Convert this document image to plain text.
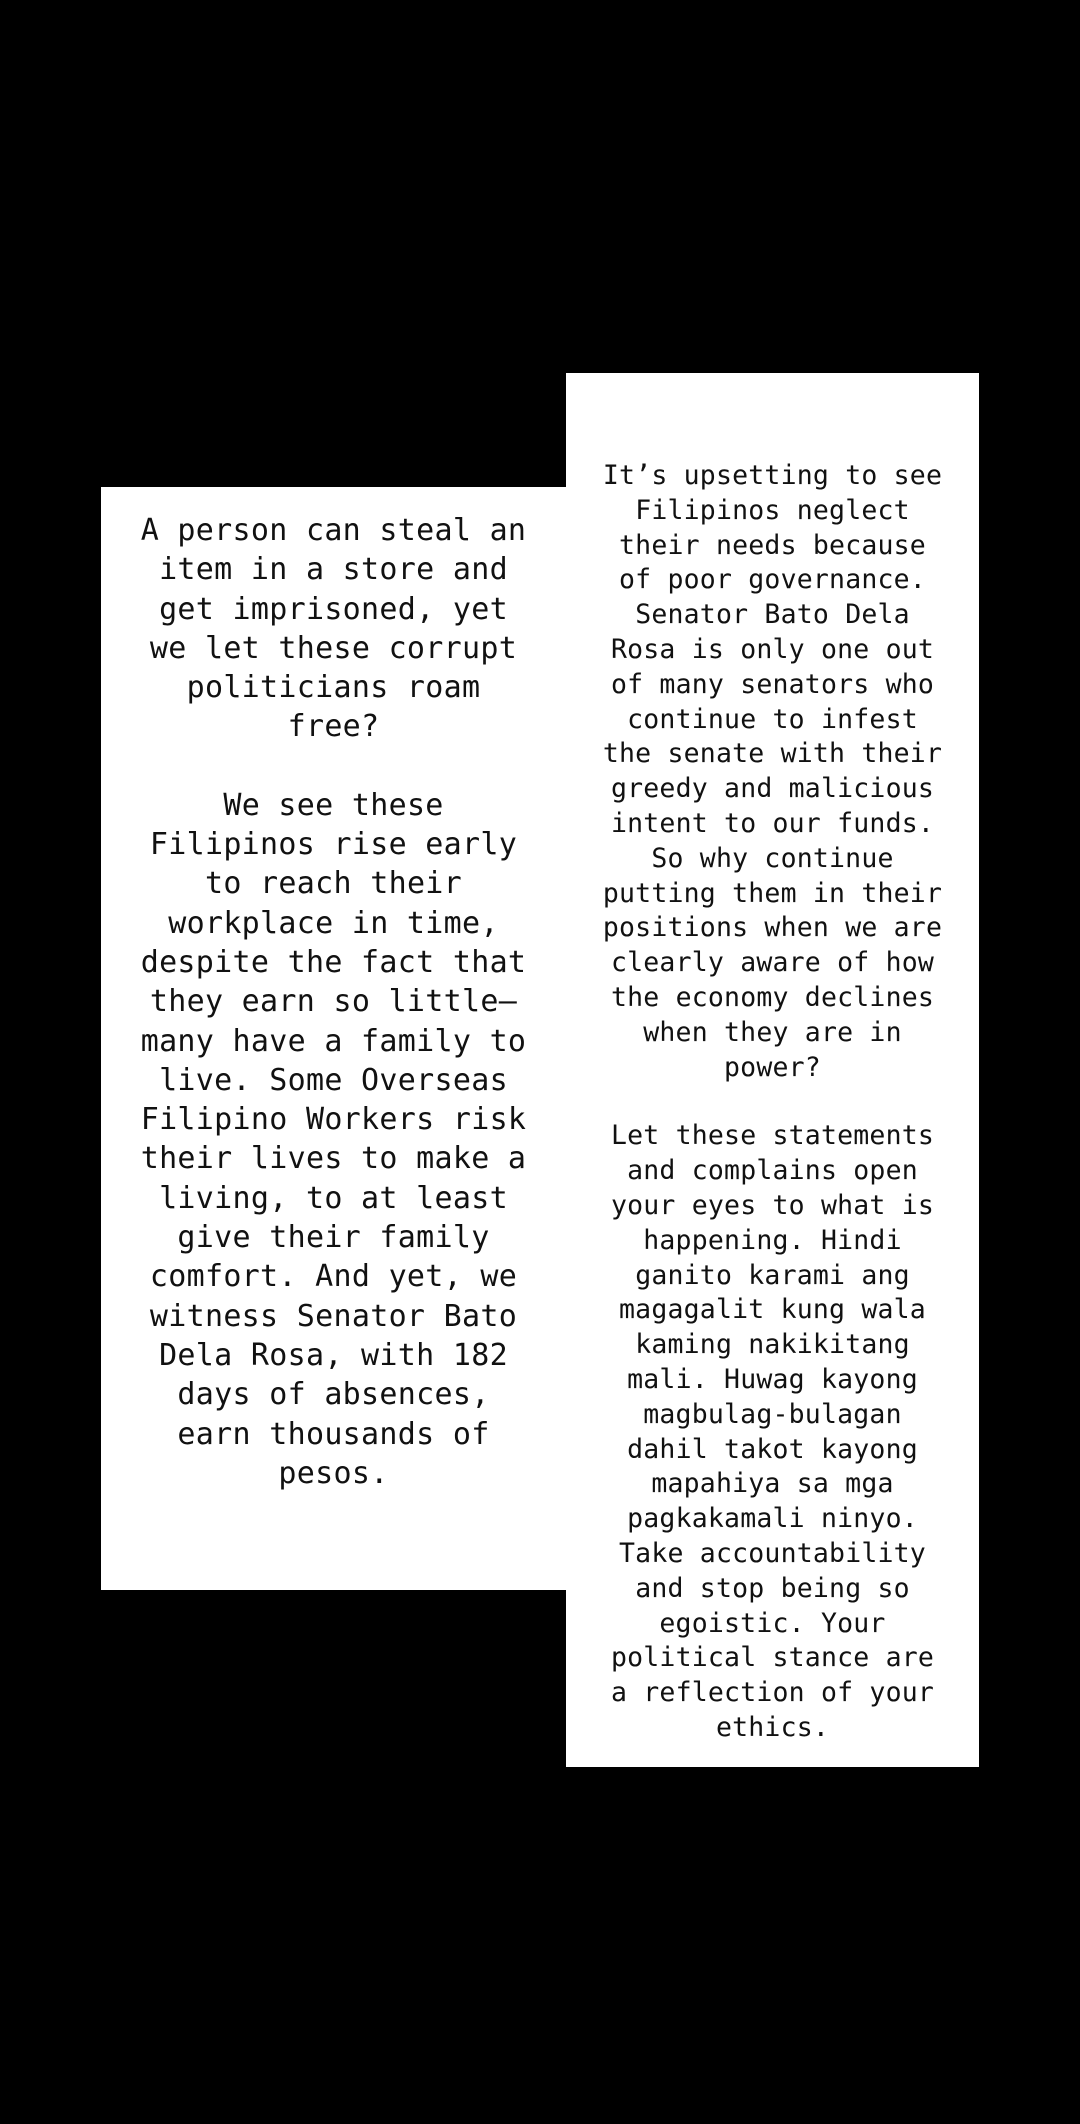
A person can steal an
item in a store and
get imprisoned, yet
we let these corrupt
politicians roam
free?

We see these
Filipinos rise early
to reach their
workplace in time,
despite the fact that
they earn so little—
many have a family to
live. Some Overseas
Filipino Workers risk
their lives to make a
living, to at least
give their family
comfort. And yet, we
witness Senator Bato
Dela Rosa, with 182
days of absences,
earn thousands of
pesos.

It’s upsetting to see
Filipinos neglect
their needs because
of poor governance.
Senator Bato Dela
Rosa is only one out
of many senators who
continue to infest
the senate with their
greedy and malicious
intent to our funds.
So why continue
putting them in their
positions when we are
clearly aware of how
the economy declines
when they are in
power?

Let these statements
and complains open
your eyes to what is
happening. Hindi
ganito karami ang
magagalit kung wala
kaming nakikitang
mali. Huwag kayong
magbulag-bulagan
dahil takot kayong
mapahiya sa mga
pagkakamali ninyo.
Take accountability
and stop being so
egoistic. Your
political stance are
a reflection of your
ethics.
